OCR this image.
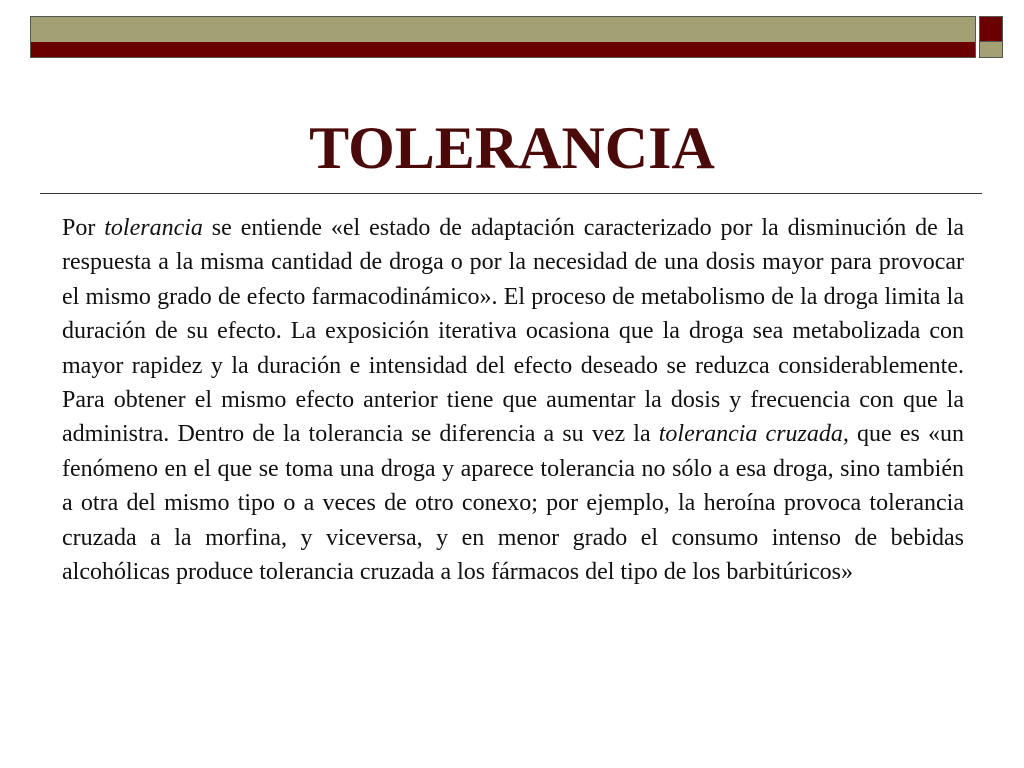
TOLERANCIA

Por tolerancia se entiende «el estado de adaptación caracterizado por la disminución de la respuesta a la misma cantidad de droga o por la necesidad de una dosis mayor para provocar el mismo grado de efecto farmacodinámico». El proceso de metabolismo de la droga limita la duración de su efecto. La exposición iterativa ocasiona que la droga sea metabolizada con mayor rapidez y la duración e intensidad del efecto deseado se reduzca considerablemente. Para obtener el mismo efecto anterior tiene que aumentar la dosis y frecuencia con que la administra. Dentro de la tolerancia se diferencia a su vez la tolerancia cruzada, que es «un fenómeno en el que se toma una droga y aparece tolerancia no sólo a esa droga, sino también a otra del mismo tipo o a veces de otro conexo; por ejemplo, la heroína provoca tolerancia cruzada a la morfina, y viceversa, y en menor grado el consumo intenso de bebidas alcohólicas produce tolerancia cruzada a los fármacos del tipo de los barbitúricos»
